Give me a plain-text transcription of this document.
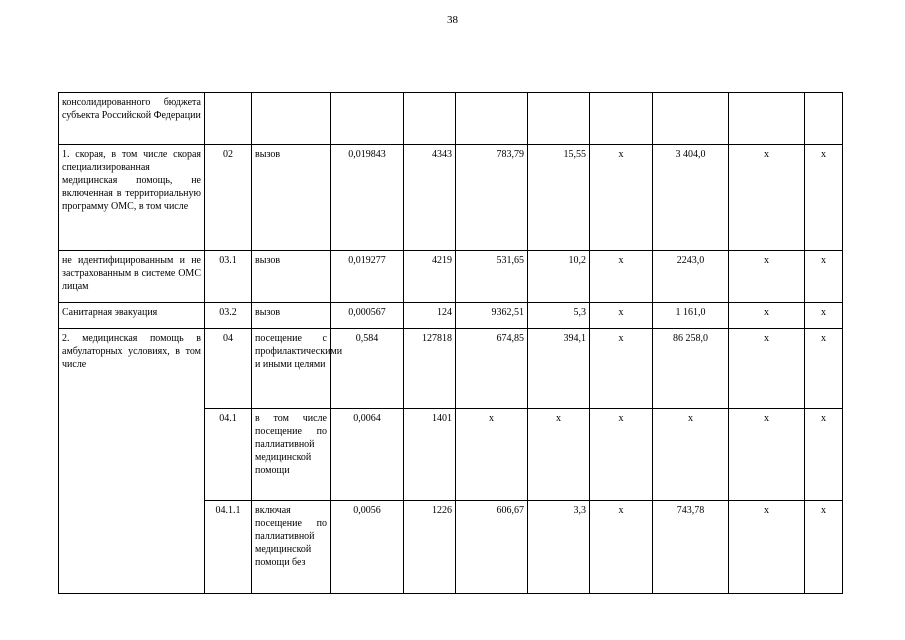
38
консолидированного бюджета субъекта Российской Федерации										
1. скорая, в том числе скорая специализированная медицинская помощь, не включенная в территориальную программу ОМС, в том числе	02	вызов	0,019843	4343	783,79	15,55	х	3 404,0	х	х
не идентифицированным и не застрахованным в системе ОМС лицам	03.1	вызов	0,019277	4219	531,65	10,2	х	2243,0	х	х
Санитарная эвакуация	03.2	вызов	0,000567	124	9362,51	5,3	х	1 161,0	х	х
2. медицинская помощь в амбулаторных условиях, в том числе	04	посещение с профилактическими и иными целями	0,584	127818	674,85	394,1	х	86 258,0	х	х
	04.1	в том числе посещение по паллиативной медицинской помощи	0,0064	1401	х	х	х	х	х	х
	04.1.1	включая посещение по паллиативной медицинской помощи без	0,0056	1226	606,67	3,3	х	743,78	х	х
